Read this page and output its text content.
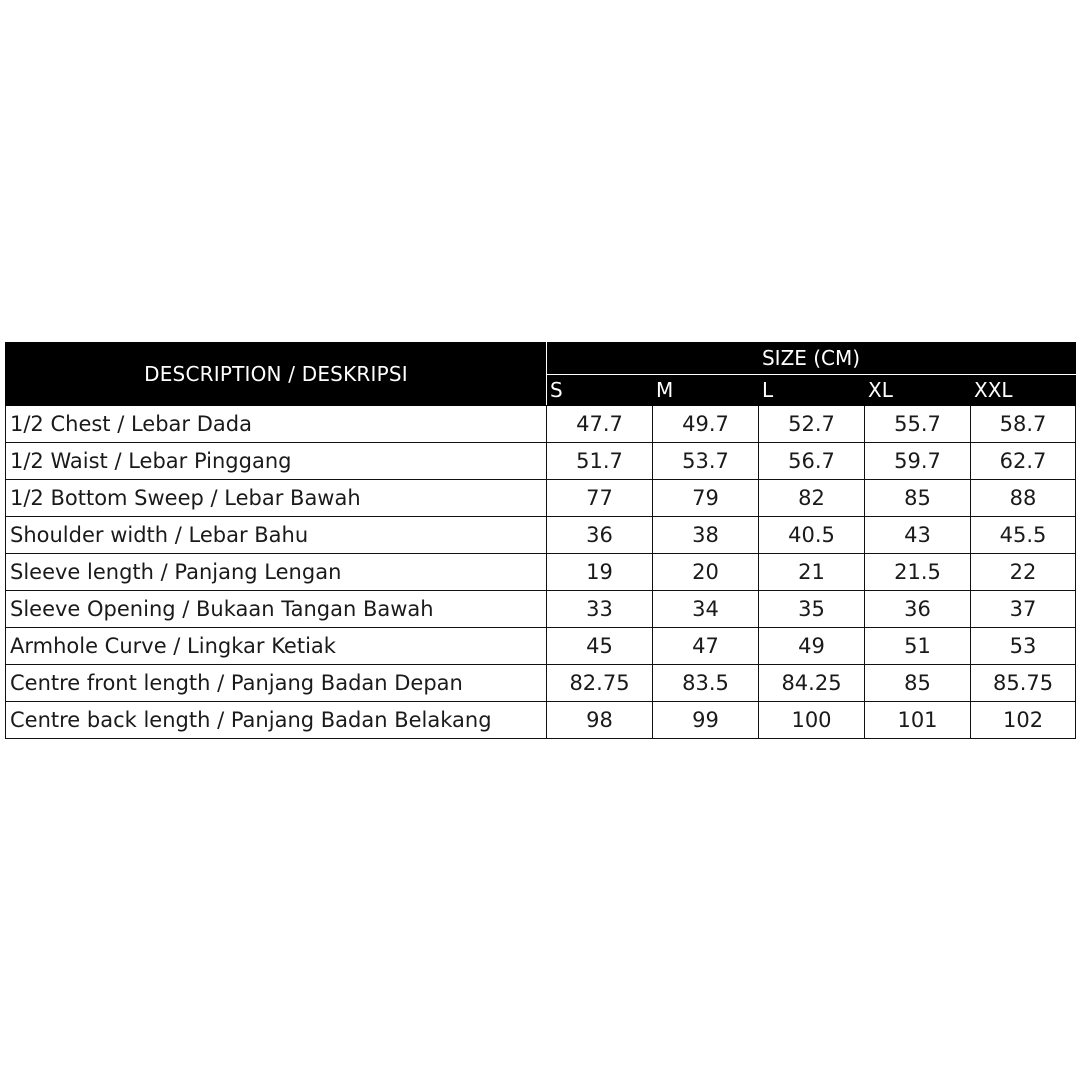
DESCRIPTION / DESKRIPSI	SIZE (CM)				
	S	M	L	XL	XXL
1/2 Chest / Lebar Dada	47.7	49.7	52.7	55.7	58.7
1/2 Waist / Lebar Pinggang	51.7	53.7	56.7	59.7	62.7
1/2 Bottom Sweep / Lebar Bawah	77	79	82	85	88
Shoulder width / Lebar Bahu	36	38	40.5	43	45.5
Sleeve length / Panjang Lengan	19	20	21	21.5	22
Sleeve Opening / Bukaan Tangan Bawah	33	34	35	36	37
Armhole Curve / Lingkar Ketiak	45	47	49	51	53
Centre front length / Panjang Badan Depan	82.75	83.5	84.25	85	85.75
Centre back length / Panjang Badan Belakang	98	99	100	101	102
